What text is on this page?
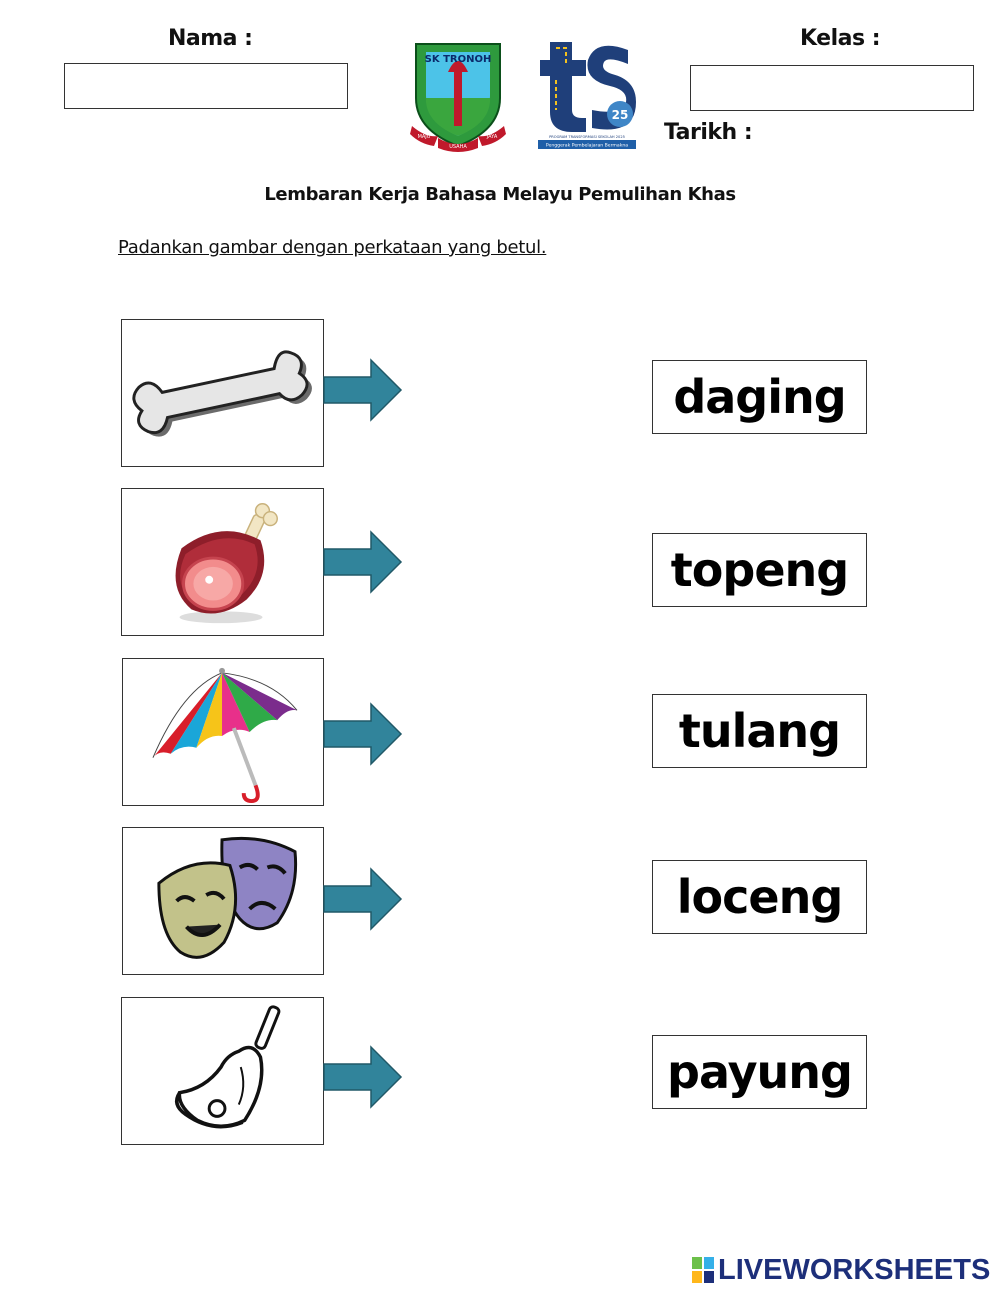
Nama :	Kelas :
Tarikh :
SK TRONOH
MAJU
USAHA
JAYA
25
PROGRAM TRANSFORMASI SEKOLAH 2025
Penggerak Pembelajaran Bermakna
Lembaran Kerja Bahasa Melayu Pemulihan Khas
Padankan gambar dengan perkataan yang betul.
daging
topeng
tulang
loceng
payung
LIVEWORKSHEETS
